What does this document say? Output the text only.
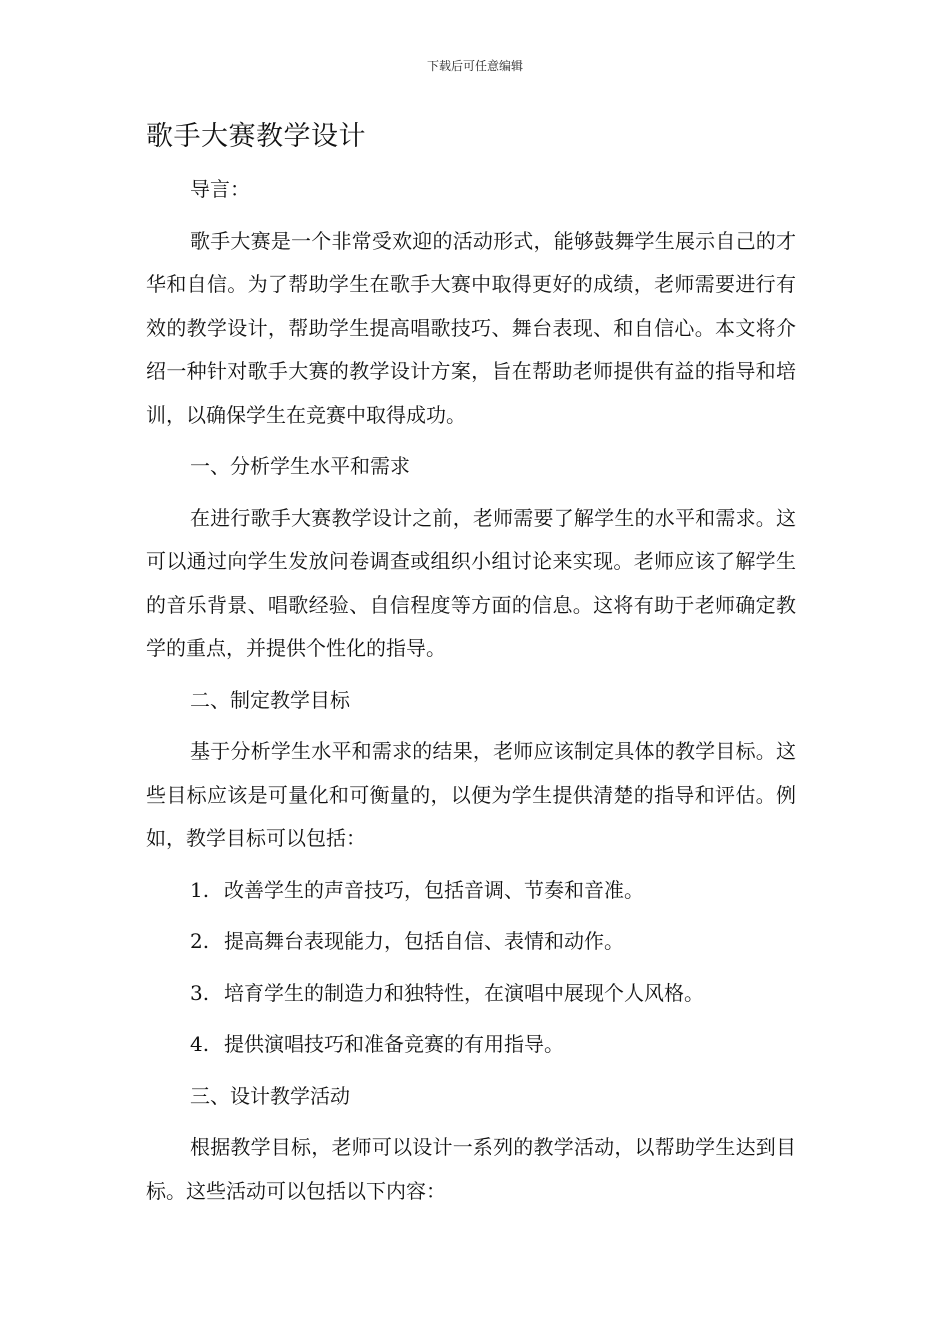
下载后可任意编辑
歌手大赛教学设计

导言：

歌手大赛是一个非常受欢迎的活动形式，能够鼓舞学生展示自己的才华和自信。为了帮助学生在歌手大赛中取得更好的成绩，老师需要进行有效的教学设计，帮助学生提高唱歌技巧、舞台表现、和自信心。本文将介绍一种针对歌手大赛的教学设计方案，旨在帮助老师提供有益的指导和培训，以确保学生在竞赛中取得成功。

一、分析学生水平和需求

在进行歌手大赛教学设计之前，老师需要了解学生的水平和需求。这可以通过向学生发放问卷调查或组织小组讨论来实现。老师应该了解学生的音乐背景、唱歌经验、自信程度等方面的信息。这将有助于老师确定教学的重点，并提供个性化的指导。

二、制定教学目标

基于分析学生水平和需求的结果，老师应该制定具体的教学目标。这些目标应该是可量化和可衡量的，以便为学生提供清楚的指导和评估。例如，教学目标可以包括：

1. 改善学生的声音技巧，包括音调、节奏和音准。
2. 提高舞台表现能力，包括自信、表情和动作。
3. 培育学生的制造力和独特性，在演唱中展现个人风格。
4. 提供演唱技巧和准备竞赛的有用指导。

三、设计教学活动

根据教学目标，老师可以设计一系列的教学活动，以帮助学生达到目标。这些活动可以包括以下内容：
